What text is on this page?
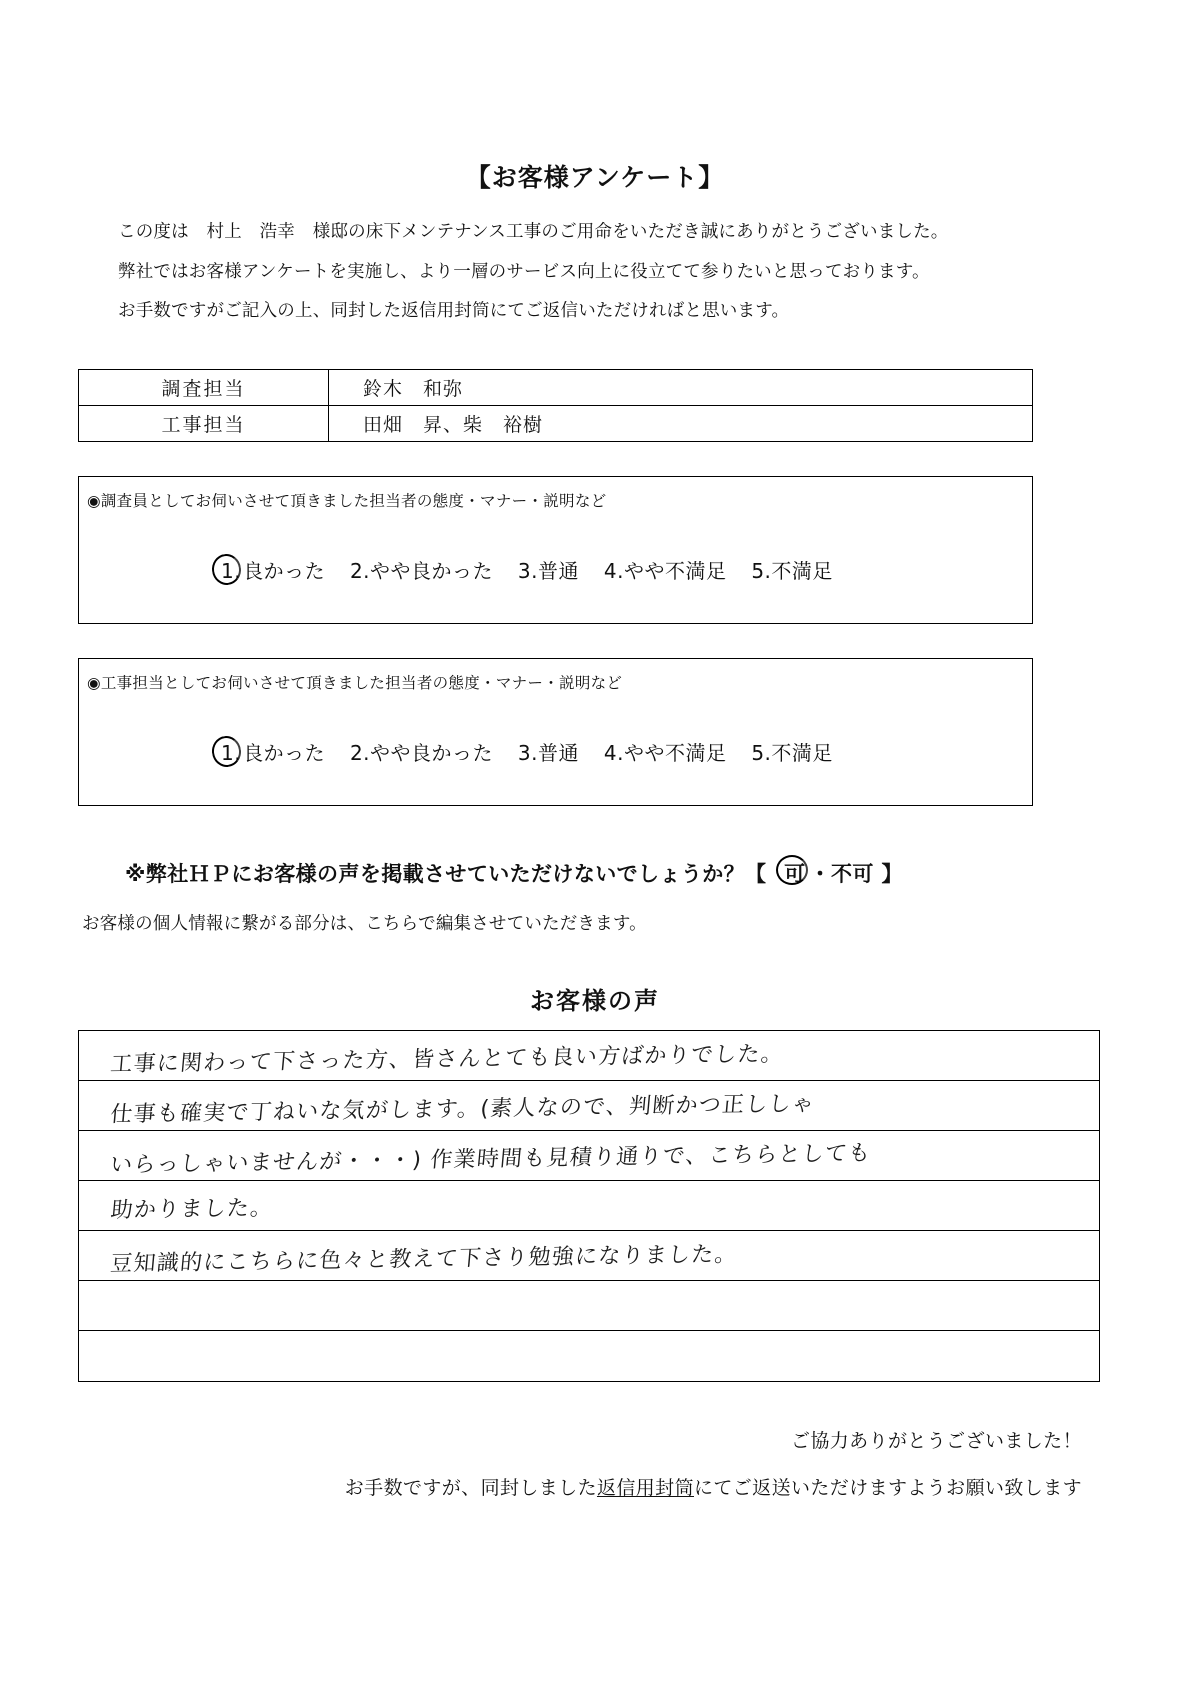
【お客様アンケート】
この度は　村上　浩幸　様邸の床下メンテナンス工事のご用命をいただき誠にありがとうございました。
弊社ではお客様アンケートを実施し、より一層のサービス向上に役立てて参りたいと思っております。
お手数ですがご記入の上、同封した返信用封筒にてご返信いただければと思います。
調査担当	鈴木　和弥
工事担当	田畑　昇、柴　裕樹
◉調査員としてお伺いさせて頂きました担当者の態度・マナー・説明など
1. 良かった 2.やや良かった 3.普通 4.やや不満足 5.不満足
◉工事担当としてお伺いさせて頂きました担当者の態度・マナー・説明など
1. 良かった 2.やや良かった 3.普通 4.やや不満足 5.不満足
※弊社ＨＰにお客様の声を掲載させていただけないでしょうか？【 可 ・不可 】
お客様の個人情報に繋がる部分は、こちらで編集させていただきます。
お客様の声
工事に関わって下さった方、皆さんとても良い方ばかりでした。
仕事も確実で丁ねいな気がします。(素人なので、判断かつ正ししゃ
いらっしゃいませんが・・・) 作業時間も見積り通りで、こちらとしても
助かりました。
豆知識的にこちらに色々と教えて下さり勉強になりました。
ご協力ありがとうございました！
お手数ですが、同封しました返信用封筒にてご返送いただけますようお願い致します
